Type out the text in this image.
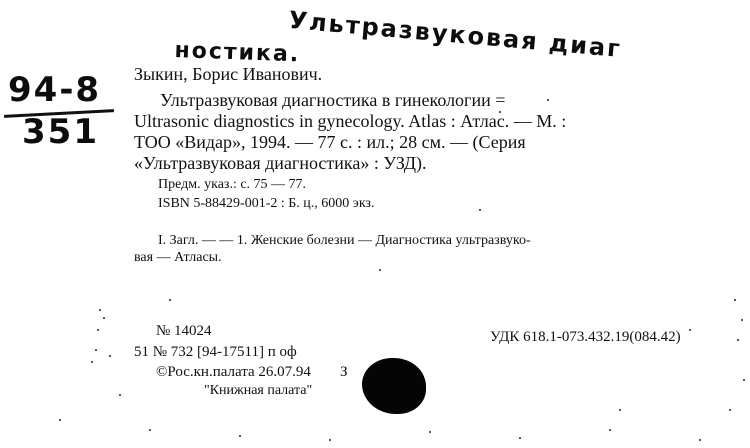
Ультразвуковая диаг
ностика.
94-8
351
Зыкин, Борис Иванович.
Ультразвуковая диагностика в гинекологии =
Ultrasonic diagnostics in gynecology. Atlas : Атлас. — М. :
ТОО «Видар», 1994. — 77 с. : ил.; 28 см. — (Серия
«Ультразвуковая диагностика» : УЗД).
Предм. указ.: с. 75 — 77.
ISBN 5-88429-001-2 : Б. ц., 6000 экз.
I. Загл. — — 1. Женские болезни — Диагностика ультразвуко-
вая — Атласы.
№ 14024	УДК 618.1-073.432.19(084.42)
51 № 732 [94-17511] п оф
©Рос.кн.палата 26.07.94 З
"Книжная палата"
